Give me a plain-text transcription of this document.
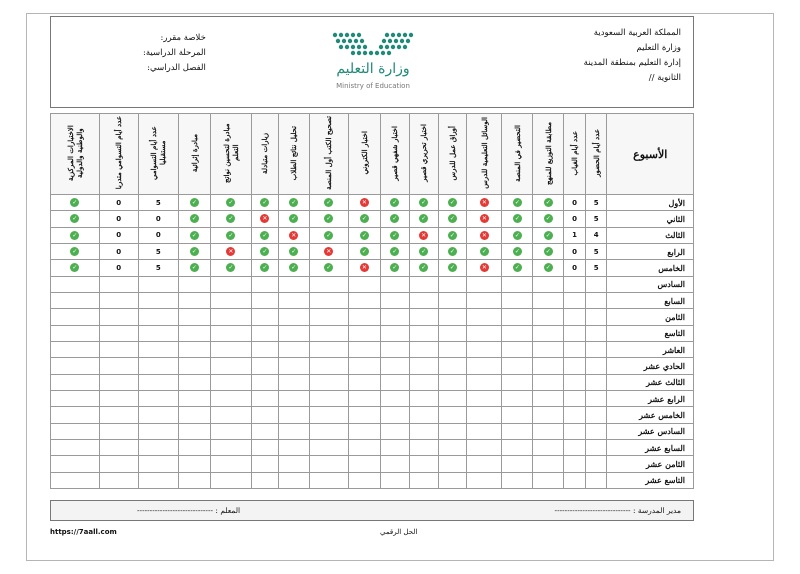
المملكة العربية السعودية
وزارة التعليم
إدارة التعليم بمنطقة المدينة
الثانوية //
وزارة التعليم
Ministry of Education
خلاصة مقرر:
المرحلة الدراسية:
الفصل الدراسي:
الأسبوع	عدد أيام الحضور	عدد أيام الغياب	مطابقة التوزيع للمنهج	التحضير في المنصة	الوسائل التعليمية للدرس	أوراق عمل للدرس	اختبار تحريري قصير	اختبار شفهي قصير	اختبار الكتروني	تصحيح الكتب أول المنصة	تحليل نتائج الطلاب	زيارات متبادلة	مبادرة لتحسين نواتج التعلم	مبادرة إثرائية	عدد أيام التسوامي مستقبليا	عدد أيام التسوامي متدربا	الاختبارات المركزية والوطنية والدولية
الأول	5	0	✓	✓	✕	✓	✓	✓	✕	✓	✓	✓	✓	✓	5	0	✓
الثاني	5	0	✓	✓	✕	✓	✓	✓	✓	✓	✓	✕	✓	✓	0	0	✓
الثالث	4	1	✓	✓	✕	✓	✕	✓	✓	✓	✕	✓	✓	✓	0	0	✓
الرابع	5	0	✓	✓	✓	✓	✓	✓	✓	✕	✓	✓	✕	✓	5	0	✓
الخامس	5	0	✓	✓	✕	✓	✓	✓	✕	✓	✓	✓	✓	✓	5	0	✓
السادس																	
السابع																	
الثامن																	
التاسع																	
العاشر																	
الحادي عشر																	
الثالث عشر																	
الرابع عشر																	
الخامس عشر																	
السادس عشر																	
السابع عشر																	
الثامن عشر																	
التاسع عشر																	
مدير المدرسة : ------------------------------
المعلم : ------------------------------
https://7aall.com	الحل الرقمي
